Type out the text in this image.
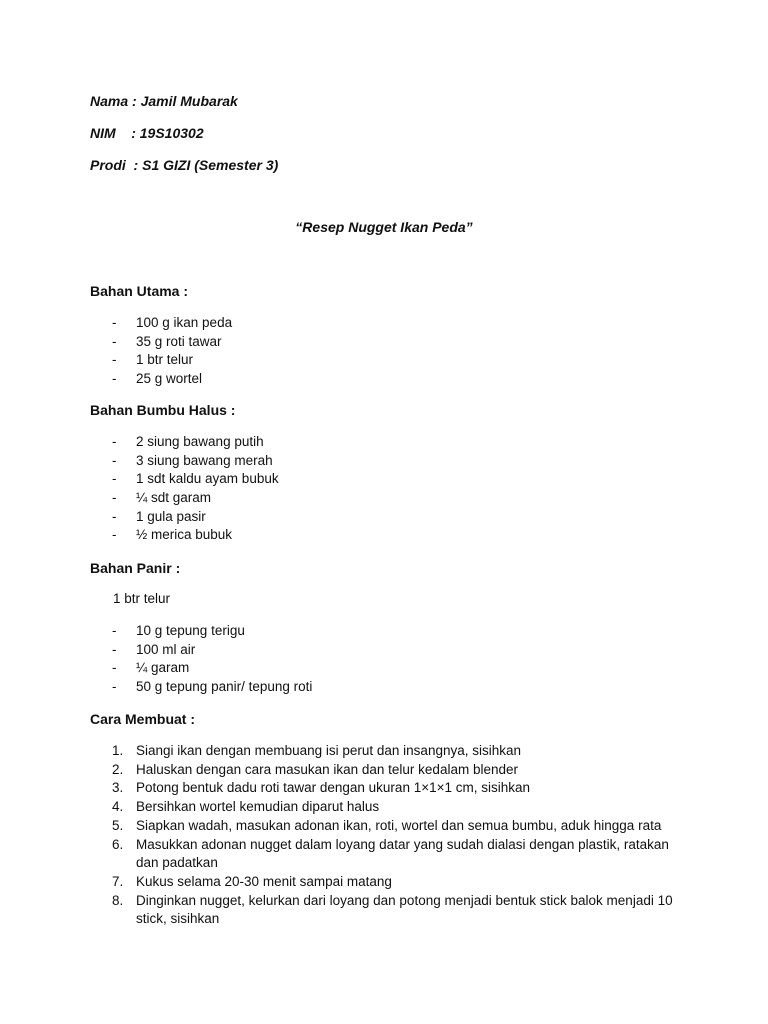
Nama : Jamil Mubarak
NIM    : 19S10302
Prodi  : S1 GIZI (Semester 3)
“Resep Nugget Ikan Peda”
Bahan Utama :
- 100 g ikan peda
- 35 g roti tawar
- 1 btr telur
- 25 g wortel
Bahan Bumbu Halus :
- 2 siung bawang putih
- 3 siung bawang merah
- 1 sdt kaldu ayam bubuk
- ¼ sdt garam
- 1 gula pasir
- ½ merica bubuk
Bahan Panir :
1 btr telur
- 10 g tepung terigu
- 100 ml air
- ¼ garam
- 50 g tepung panir/ tepung roti
Cara Membuat :
1. Siangi ikan dengan membuang isi perut dan insangnya, sisihkan
2. Haluskan dengan cara masukan ikan dan telur kedalam blender
3. Potong bentuk dadu roti tawar dengan ukuran 1×1×1 cm, sisihkan
4. Bersihkan wortel kemudian diparut halus
5. Siapkan wadah, masukan adonan ikan, roti, wortel dan semua bumbu, aduk hingga rata
6. Masukkan adonan nugget dalam loyang datar yang sudah dialasi dengan plastik, ratakan dan padatkan
7. Kukus selama 20-30 menit sampai matang
8. Dinginkan nugget, kelurkan dari loyang dan potong menjadi bentuk stick balok menjadi 10 stick, sisihkan
